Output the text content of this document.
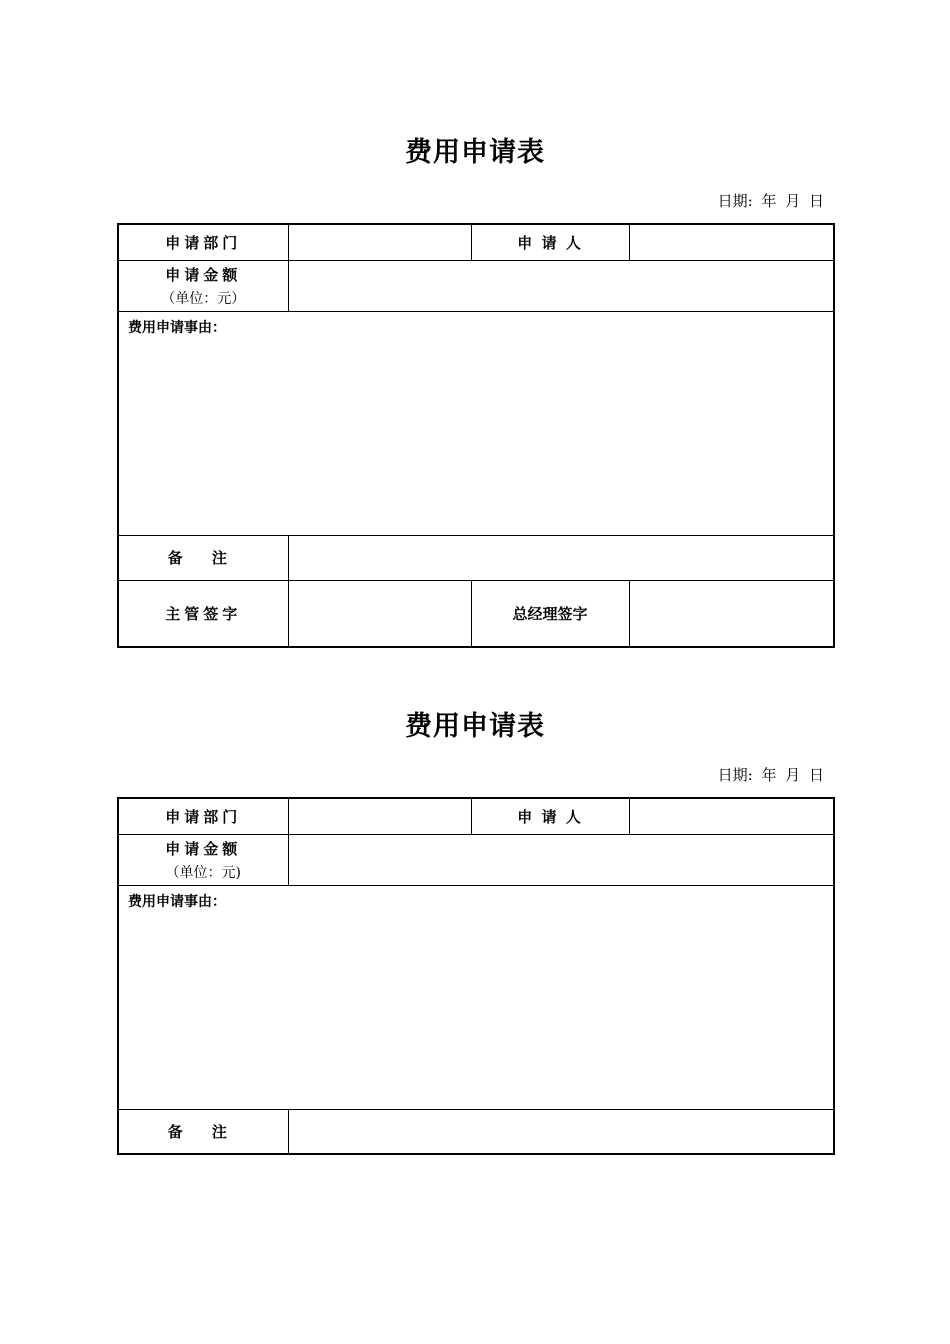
费用申请表
日期: 年 月 日
申请部门		申 请 人	
申请金额
（单位：元）			

费用申请事由：			

备 注			
主管签字		总经理签字	
费用申请表
日期: 年 月 日
申请部门		申 请 人	
申请金额
（单位：元)			

费用申请事由：			

备 注			
